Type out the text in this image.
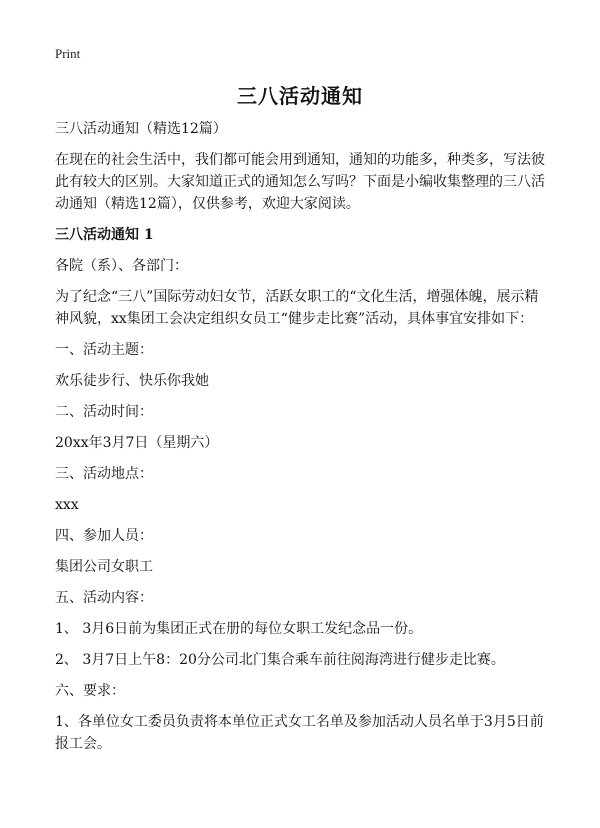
Print
三八活动通知

三八活动通知（精选12篇）

在现在的社会生活中，我们都可能会用到通知，通知的功能多，种类多，写法彼此有较大的区别。大家知道正式的通知怎么写吗？下面是小编收集整理的三八活动通知（精选12篇），仅供参考，欢迎大家阅读。

三八活动通知 1

各院（系）、各部门：

为了纪念“三八”国际劳动妇女节，活跃女职工的“文化生活，增强体魄，展示精神风貌，xx集团工会决定组织女员工“健步走比赛”活动，具体事宜安排如下：

一、活动主题：

欢乐徒步行、快乐你我她

二、活动时间：

20xx年3月7日（星期六）

三、活动地点：

xxx

四、参加人员：

集团公司女职工

五、活动内容：

1、 3月6日前为集团正式在册的每位女职工发纪念品一份。

2、 3月7日上午8：20分公司北门集合乘车前往阅海湾进行健步走比赛。

六、要求：

1、各单位女工委员负责将本单位正式女工名单及参加活动人员名单于3月5日前报工会。
